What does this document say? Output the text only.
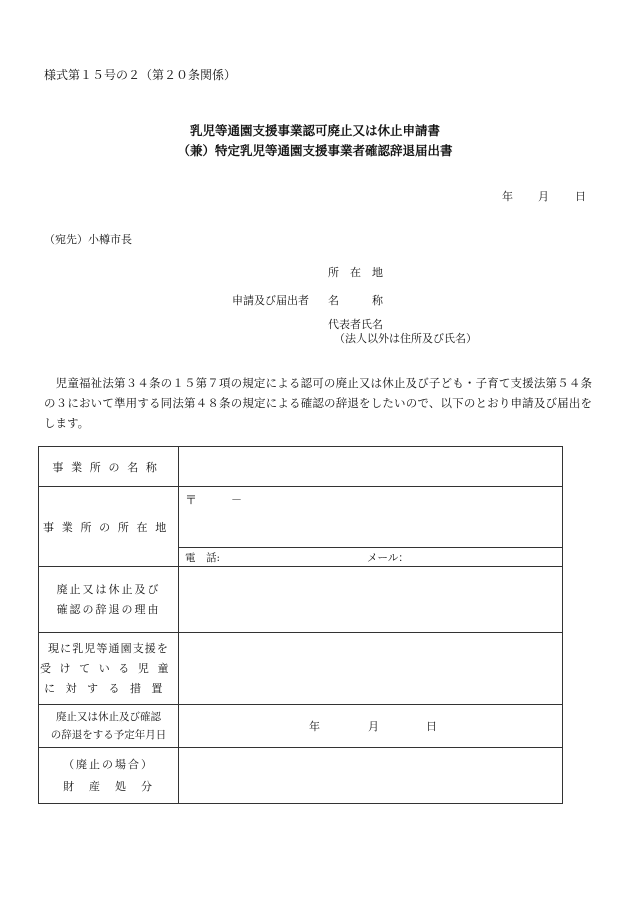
様式第１５号の２（第２０条関係）
乳児等通園支援事業認可廃止又は休止申請書
（兼）特定乳児等通園支援事業者確認辞退届出書
年 月 日
（宛先）小樽市長
所　在　地
申請及び届出者 名　　　称
代表者氏名
（法人以外は住所及び氏名）
　児童福祉法第３４条の１５第７項の規定による認可の廃止又は休止及び子ども・子育て支援法第５４条の３において準用する同法第４８条の規定による確認の辞退をしたいので、以下のとおり申請及び届出をします。
事業所の名称	

事業所の所在地	〒 －

	電　話: メール：

廃止又は休止及び
確認の辞退の理由	

現に乳児等通園支援を
受けている児童
に対する措置	

廃止又は休止及び確認
の辞退をする予定年月日	年 月 日

（廃止の場合）
財　産　処　分	
